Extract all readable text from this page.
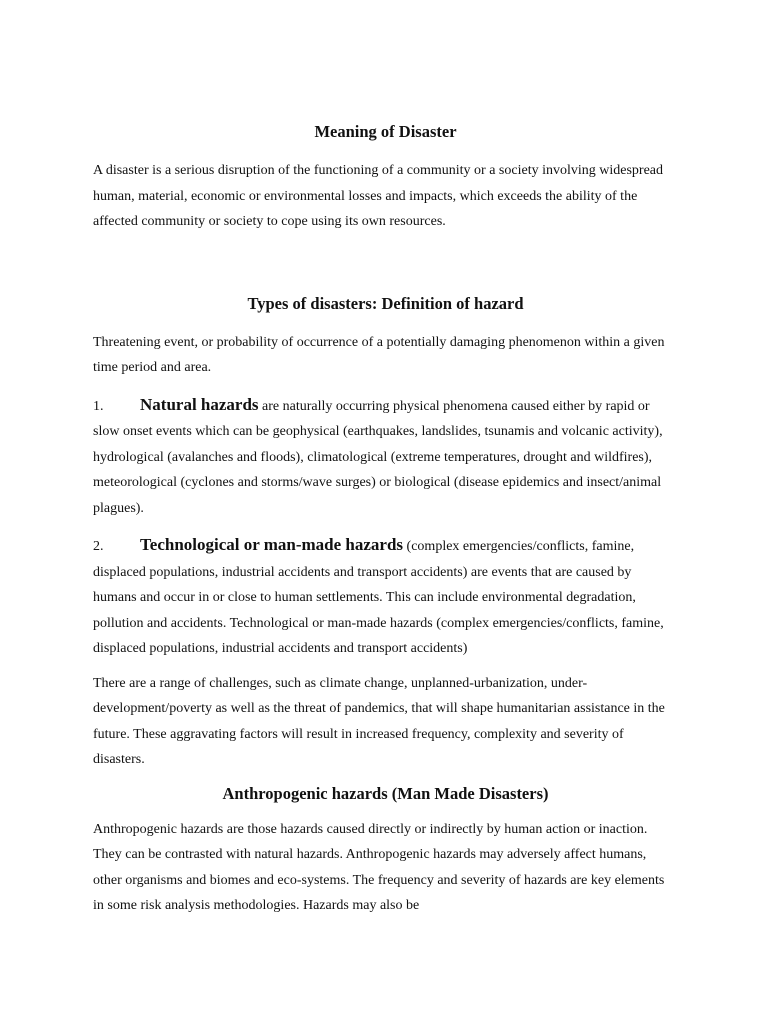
Meaning of Disaster

A disaster is a serious disruption of the functioning of a community or a society involving widespread human, material, economic or environmental losses and impacts, which exceeds the ability of the affected community or society to cope using its own resources.

Types of disasters: Definition of hazard

Threatening event, or probability of occurrence of a potentially damaging phenomenon within a given time period and area.

1. Natural hazards are naturally occurring physical phenomena caused either by rapid or slow onset events which can be geophysical (earthquakes, landslides, tsunamis and volcanic activity), hydrological (avalanches and floods), climatological (extreme temperatures, drought and wildfires), meteorological (cyclones and storms/wave surges) or biological (disease epidemics and insect/animal plagues).

2. Technological or man-made hazards (complex emergencies/conflicts, famine, displaced populations, industrial accidents and transport accidents) are events that are caused by humans and occur in or close to human settlements. This can include environmental degradation, pollution and accidents. Technological or man-made hazards (complex emergencies/conflicts, famine, displaced populations, industrial accidents and transport accidents)

There are a range of challenges, such as climate change, unplanned-urbanization, under-development/poverty as well as the threat of pandemics, that will shape humanitarian assistance in the future. These aggravating factors will result in increased frequency, complexity and severity of disasters.

Anthropogenic hazards (Man Made Disasters)

Anthropogenic hazards are those hazards caused directly or indirectly by human action or inaction. They can be contrasted with natural hazards. Anthropogenic hazards may adversely affect humans, other organisms and biomes and eco-systems. The frequency and severity of hazards are key elements in some risk analysis methodologies. Hazards may also be
